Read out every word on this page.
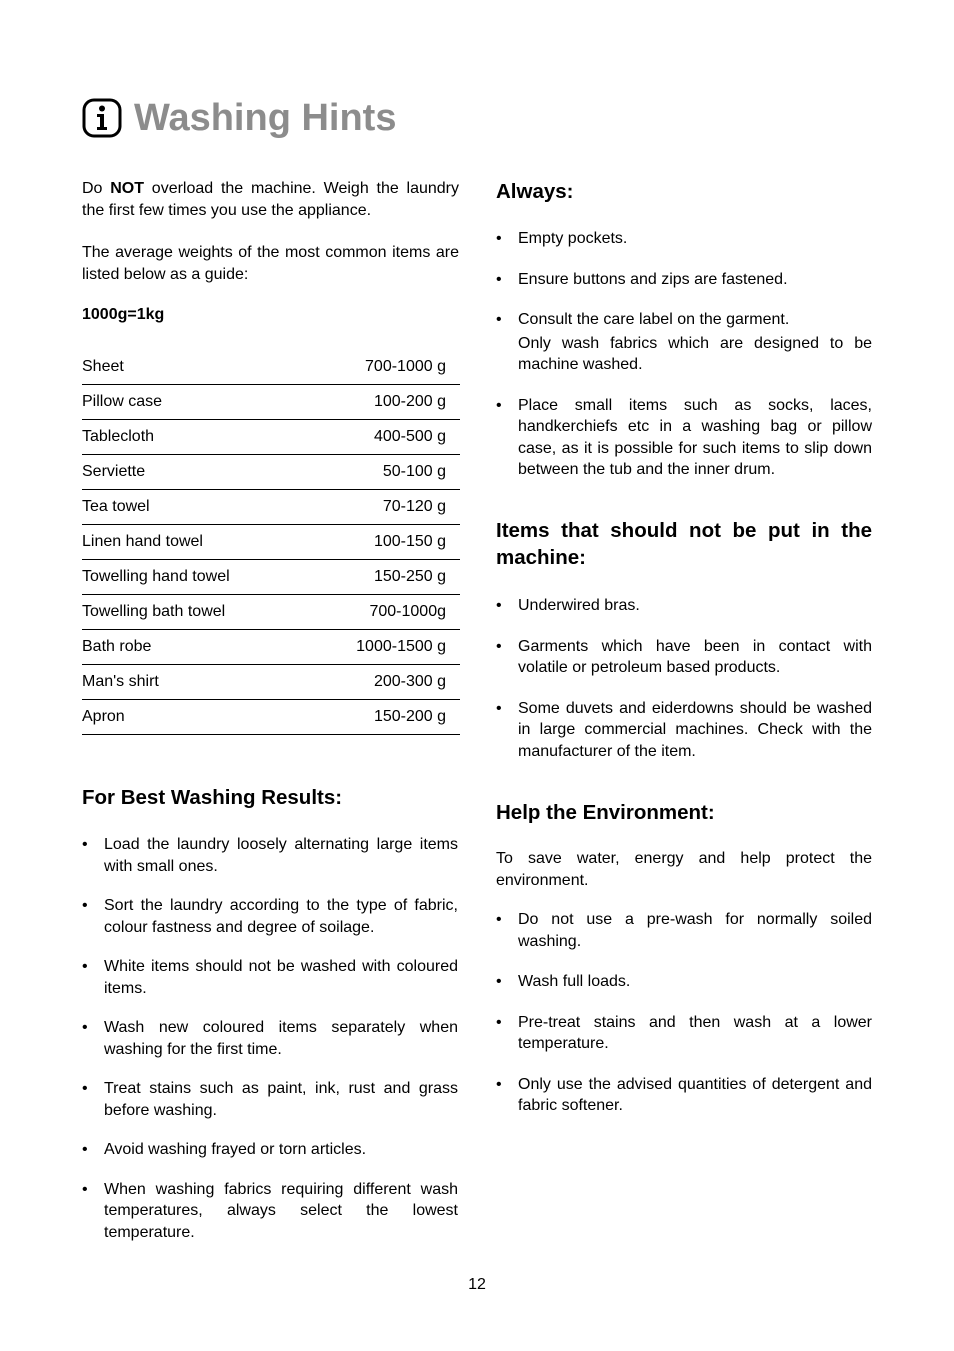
Washing Hints

Do NOT overload the machine. Weigh the laundry the first few times you use the appliance.

The average weights of the most common items are listed below as a guide:

1000g=1kg
Sheet	700-1000 g
Pillow case	100-200 g
Tablecloth	400-500 g
Serviette	50-100 g
Tea towel	70-120 g
Linen hand towel	100-150 g
Towelling hand towel	150-250 g
Towelling bath towel	700-1000g
Bath robe	1000-1500 g
Man's shirt	200-300 g
Apron	150-200 g
For Best Washing Results:
• Load the laundry loosely alternating large items with small ones.
• Sort the laundry according to the type of fabric, colour fastness and degree of soilage.
• White items should not be washed with coloured items.
• Wash new coloured items separately when washing for the first time.
• Treat stains such as paint, ink, rust and grass before washing.
• Avoid washing frayed or torn articles.
• When washing fabrics requiring different wash temperatures, always select the lowest temperature.
Always:
• Empty pockets.
• Ensure buttons and zips are fastened.
• Consult the care label on the garment.
Only wash fabrics which are designed to be machine washed.
• Place small items such as socks, laces, handkerchiefs etc in a washing bag or pillow case, as it is possible for such items to slip down between the tub and the inner drum.
Items that should not be put in the machine:
• Underwired bras.
• Garments which have been in contact with volatile or petroleum based products.
• Some duvets and eiderdowns should be washed in large commercial machines. Check with the manufacturer of the item.
Help the Environment:

To save water, energy and help protect the environment.

• Do not use a pre-wash for normally soiled washing.
• Wash full loads.
• Pre-treat stains and then wash at a lower temperature.
• Only use the advised quantities of detergent and fabric softener.
12
